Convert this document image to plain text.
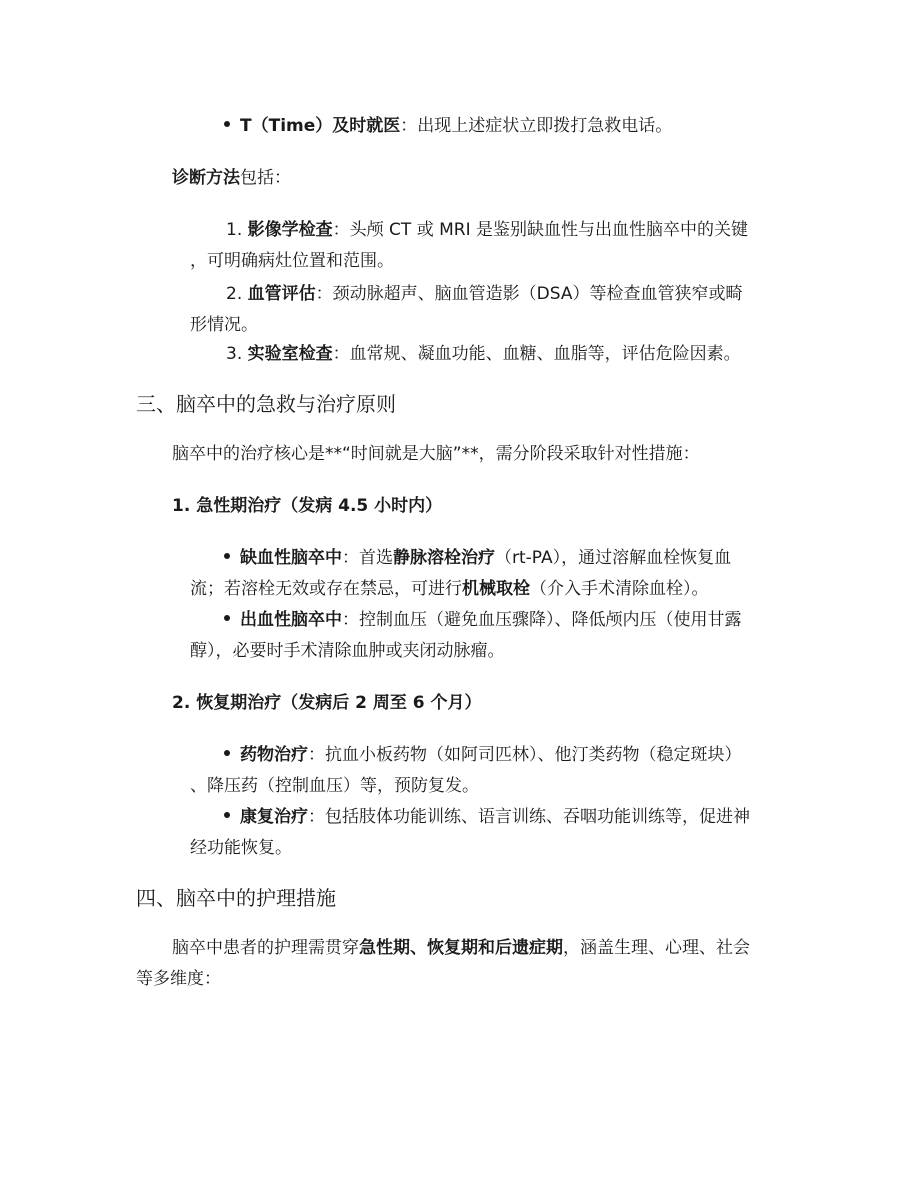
T（Time）及时就医：出现上述症状立即拨打急救电话。
诊断方法包括：
1. 影像学检查：头颅 CT 或 MRI 是鉴别缺血性与出血性脑卒中的关键
，可明确病灶位置和范围。
2. 血管评估：颈动脉超声、脑血管造影（DSA）等检查血管狭窄或畸
形情况。
3. 实验室检查：血常规、凝血功能、血糖、血脂等，评估危险因素。
三、脑卒中的急救与治疗原则
脑卒中的治疗核心是**“时间就是大脑”**，需分阶段采取针对性措施：
1. 急性期治疗（发病 4.5 小时内）
缺血性脑卒中：首选静脉溶栓治疗（rt-PA），通过溶解血栓恢复血
流；若溶栓无效或存在禁忌，可进行机械取栓（介入手术清除血栓）。
出血性脑卒中：控制血压（避免血压骤降）、降低颅内压（使用甘露
醇），必要时手术清除血肿或夹闭动脉瘤。
2. 恢复期治疗（发病后 2 周至 6 个月）
药物治疗：抗血小板药物（如阿司匹林）、他汀类药物（稳定斑块）
、降压药（控制血压）等，预防复发。
康复治疗：包括肢体功能训练、语言训练、吞咽功能训练等，促进神
经功能恢复。
四、脑卒中的护理措施
脑卒中患者的护理需贯穿急性期、恢复期和后遗症期，涵盖生理、心理、社会
等多维度：
